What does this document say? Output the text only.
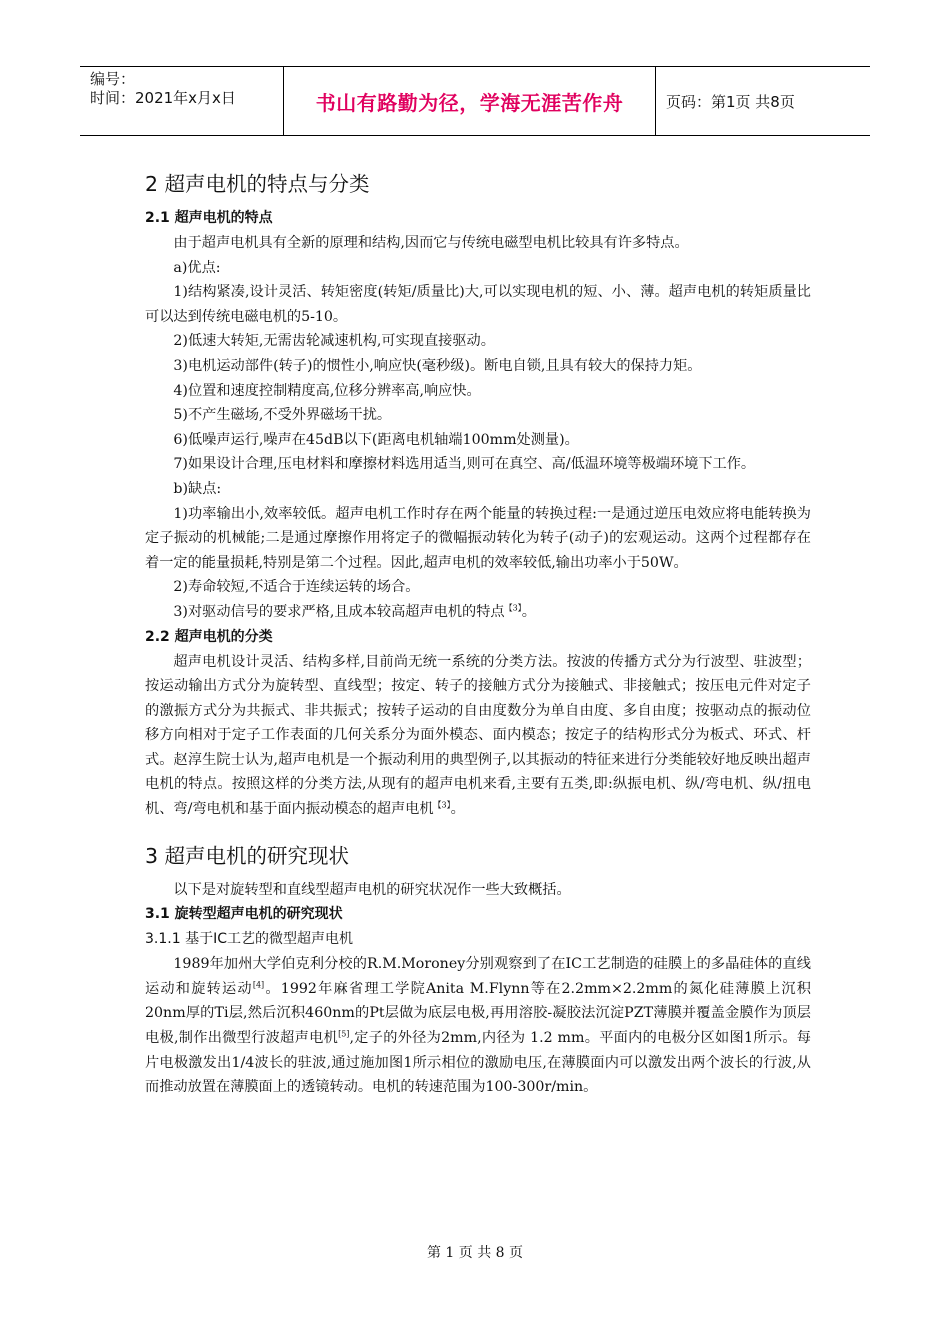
编号：
时间：2021年x月x日	书山有路勤为径，学海无涯苦作舟	页码：第1页 共8页
2 超声电机的特点与分类
2.1 超声电机的特点

由于超声电机具有全新的原理和结构,因而它与传统电磁型电机比较具有许多特点。

a)优点:

1)结构紧凑,设计灵活、转矩密度(转矩/质量比)大,可以实现电机的短、小、薄。超声电机的转矩质量比可以达到传统电磁电机的5-10。

2)低速大转矩,无需齿轮减速机构,可实现直接驱动。

3)电机运动部件(转子)的惯性小,响应快(毫秒级)。断电自锁,且具有较大的保持力矩。

4)位置和速度控制精度高,位移分辨率高,响应快。

5)不产生磁场,不受外界磁场干扰。

6)低噪声运行,噪声在45dB以下(距离电机轴端100mm处测量)。

7)如果设计合理,压电材料和摩擦材料选用适当,则可在真空、高/低温环境等极端环境下工作。

b)缺点:

1)功率输出小,效率较低。超声电机工作时存在两个能量的转换过程:一是通过逆压电效应将电能转换为定子振动的机械能;二是通过摩擦作用将定子的微幅振动转化为转子(动子)的宏观运动。这两个过程都存在着一定的能量损耗,特别是第二个过程。因此,超声电机的效率较低,输出功率小于50W。

2)寿命较短,不适合于连续运转的场合。

3)对驱动信号的要求严格,且成本较高超声电机的特点$^{【3】}$。

2.2 超声电机的分类

超声电机设计灵活、结构多样,目前尚无统一系统的分类方法。按波的传播方式分为行波型、驻波型；按运动输出方式分为旋转型、直线型；按定、转子的接触方式分为接触式、非接触式；按压电元件对定子的激振方式分为共振式、非共振式；按转子运动的自由度数分为单自由度、多自由度；按驱动点的振动位移方向相对于定子工作表面的几何关系分为面外模态、面内模态；按定子的结构形式分为板式、环式、杆式。赵淳生院士认为,超声电机是一个振动利用的典型例子,以其振动的特征来进行分类能较好地反映出超声电机的特点。按照这样的分类方法,从现有的超声电机来看,主要有五类,即:纵振电机、纵/弯电机、纵/扭电机、弯/弯电机和基于面内振动模态的超声电机$^{【3】}$。

3 超声电机的研究现状

以下是对旋转型和直线型超声电机的研究状况作一些大致概括。

3.1 旋转型超声电机的研究现状
3.1.1 基于IC工艺的微型超声电机

1989年加州大学伯克利分校的R.M.Moroney分别观察到了在IC工艺制造的硅膜上的多晶硅体的直线运动和旋转运动[4]。1992年麻省理工学院Anita M.Flynn等在2.2mm×2.2mm的氮化硅薄膜上沉积20nm厚的Ti层,然后沉积460nm的Pt层做为底层电极,再用溶胶-凝胶法沉淀PZT薄膜并覆盖金膜作为顶层电极,制作出微型行波超声电机[5],定子的外径为2mm,内径为 1.2 mm。平面内的电极分区如图1所示。每片电极激发出1/4波长的驻波,通过施加图1所示相位的激励电压,在薄膜面内可以激发出两个波长的行波,从而推动放置在薄膜面上的透镜转动。电机的转速范围为100-300r/min。

第 1 页 共 8 页
